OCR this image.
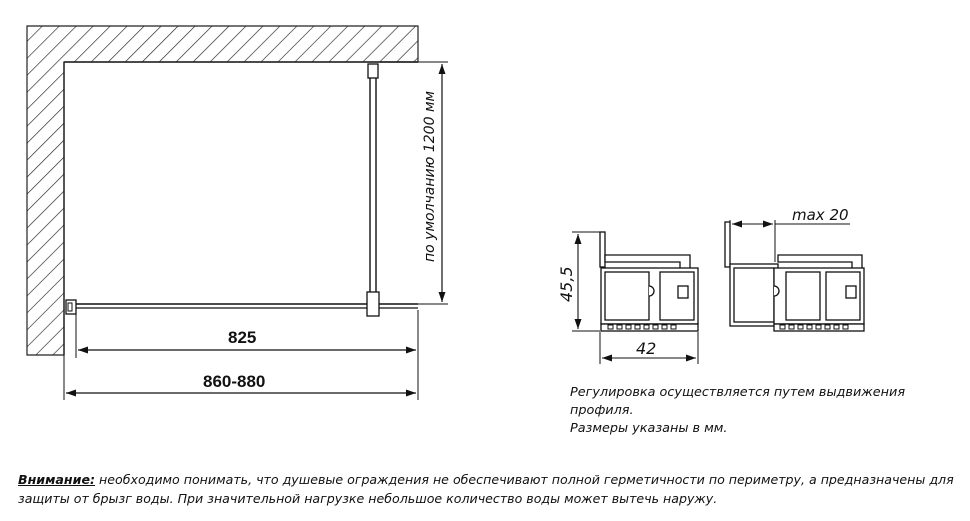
по умолчанию 1200 мм
825
860-880
45,5
42
max 20
Регулировка осуществляется путем выдвижения
профиля.
Размеры указаны в мм.
Внимание: необходимо понимать, что душевые ограждения не обеспечивают полной герметичности по периметру, а предназначены для защиты от брызг воды. При значительной нагрузке небольшое количество воды может вытечь наружу.
